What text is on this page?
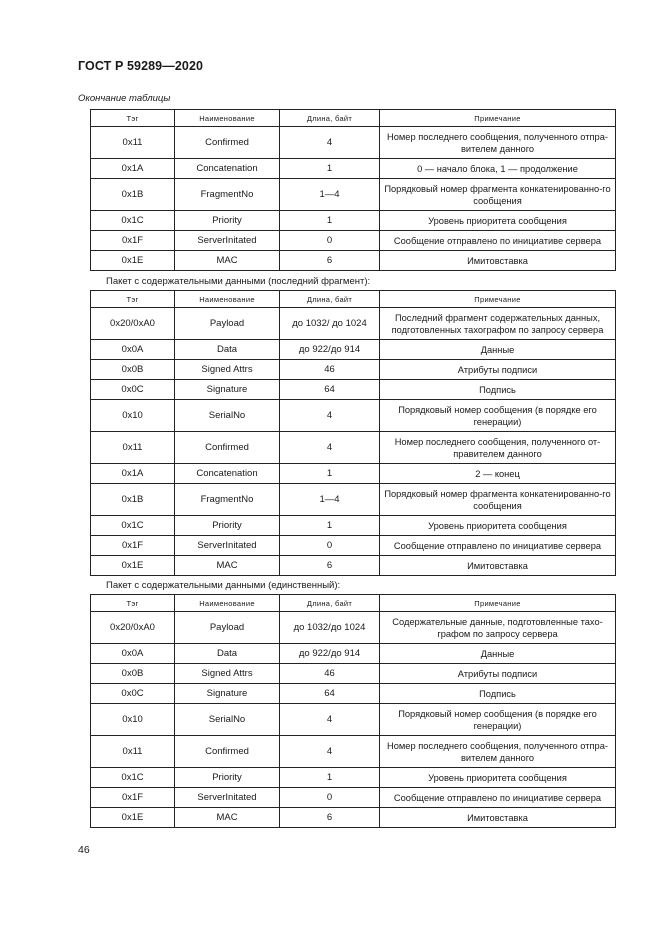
ГОСТ Р 59289—2020
Окончание таблицы
Тэг	Наименование	Длина, байт	Примечание
0x11	Confirmed	4	Номер последнего сообщения, полученного отпра-вителем данного
0x1A	Concatenation	1	0 — начало блока, 1 — продолжение
0x1B	FragmentNo	1—4	Порядковый номер фрагмента конкатенированно-го сообщения
0x1C	Priority	1	Уровень приоритета сообщения
0x1F	ServerInitated	0	Сообщение отправлено по инициативе сервера
0x1E	MAC	6	Имитовставка
Пакет с содержательными данными (последний фрагмент):
Тэг	Наименование	Длина, байт	Примечание
0x20/0xA0	Payload	до 1032/ до 1024	Последний фрагмент содержательных данных, подготовленных тахографом по запросу сервера
0x0A	Data	до 922/до 914	Данные
0x0B	Signed Attrs	46	Атрибуты подписи
0x0C	Signature	64	Подпись
0x10	SerialNo	4	Порядковый номер сообщения (в порядке его генерации)
0x11	Confirmed	4	Номер последнего сообщения, полученного от-правителем данного
0x1A	Concatenation	1	2 — конец
0x1B	FragmentNo	1—4	Порядковый номер фрагмента конкатенированно-го сообщения
0x1C	Priority	1	Уровень приоритета сообщения
0x1F	ServerInitated	0	Сообщение отправлено по инициативе сервера
0x1E	MAC	6	Имитовставка
Пакет с содержательными данными (единственный):
Тэг	Наименование	Длина, байт	Примечание
0x20/0xA0	Payload	до 1032/до 1024	Содержательные данные, подготовленные тахо-графом по запросу сервера
0x0A	Data	до 922/до 914	Данные
0x0B	Signed Attrs	46	Атрибуты подписи
0x0C	Signature	64	Подпись
0x10	SerialNo	4	Порядковый номер сообщения (в порядке его генерации)
0x11	Confirmed	4	Номер последнего сообщения, полученного отпра-вителем данного
0x1C	Priority	1	Уровень приоритета сообщения
0x1F	ServerInitated	0	Сообщение отправлено по инициативе сервера
0x1E	MAC	6	Имитовставка
46
